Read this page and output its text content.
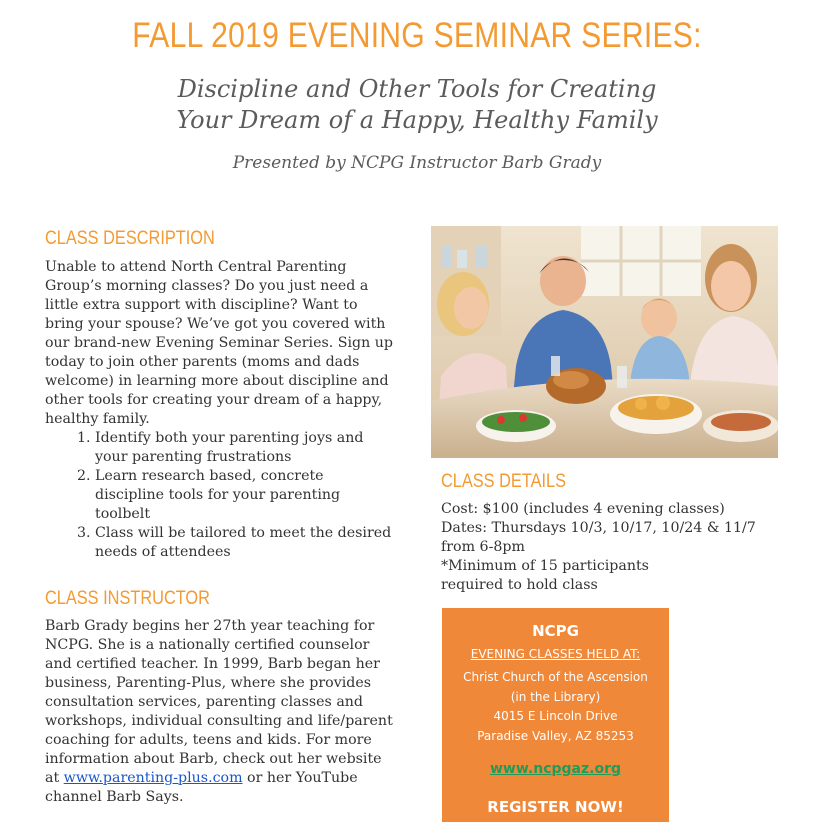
FALL 2019 EVENING SEMINAR SERIES:
Discipline and Other Tools for Creating
Your Dream of a Happy, Healthy Family
Presented by NCPG Instructor Barb Grady
CLASS DESCRIPTION

Unable to attend North Central Parenting Group’s morning classes? Do you just need a little extra support with discipline? Want to bring your spouse? We’ve got you covered with our brand-new Evening Seminar Series. Sign up today to join other parents (moms and dads welcome) in learning more about discipline and other tools for creating your dream of a happy, healthy family.

1. Identify both your parenting joys and your parenting frustrations
2. Learn research based, concrete discipline tools for your parenting toolbelt
3. Class will be tailored to meet the desired needs of attendees
CLASS INSTRUCTOR
Barb Grady begins her 27th year teaching for NCPG. She is a nationally certified counselor and certified teacher. In 1999, Barb began her business, Parenting-Plus, where she provides consultation services, parenting classes and workshops, individual consulting and life/parent coaching for adults, teens and kids. For more information about Barb, check out her website at www.parenting-plus.com or her YouTube channel Barb Says.
CLASS DETAILS

Cost: $100 (includes 4 evening classes)

Dates: Thursdays 10/3, 10/17, 10/24 & 11/7 from 6-8pm

*Minimum of 15 participants

required to hold class

NCPG
EVENING CLASSES HELD AT:
Christ Church of the Ascension
(in the Library)
4015 E Lincoln Drive
Paradise Valley, AZ 85253
www.ncpgaz.org
REGISTER NOW!
